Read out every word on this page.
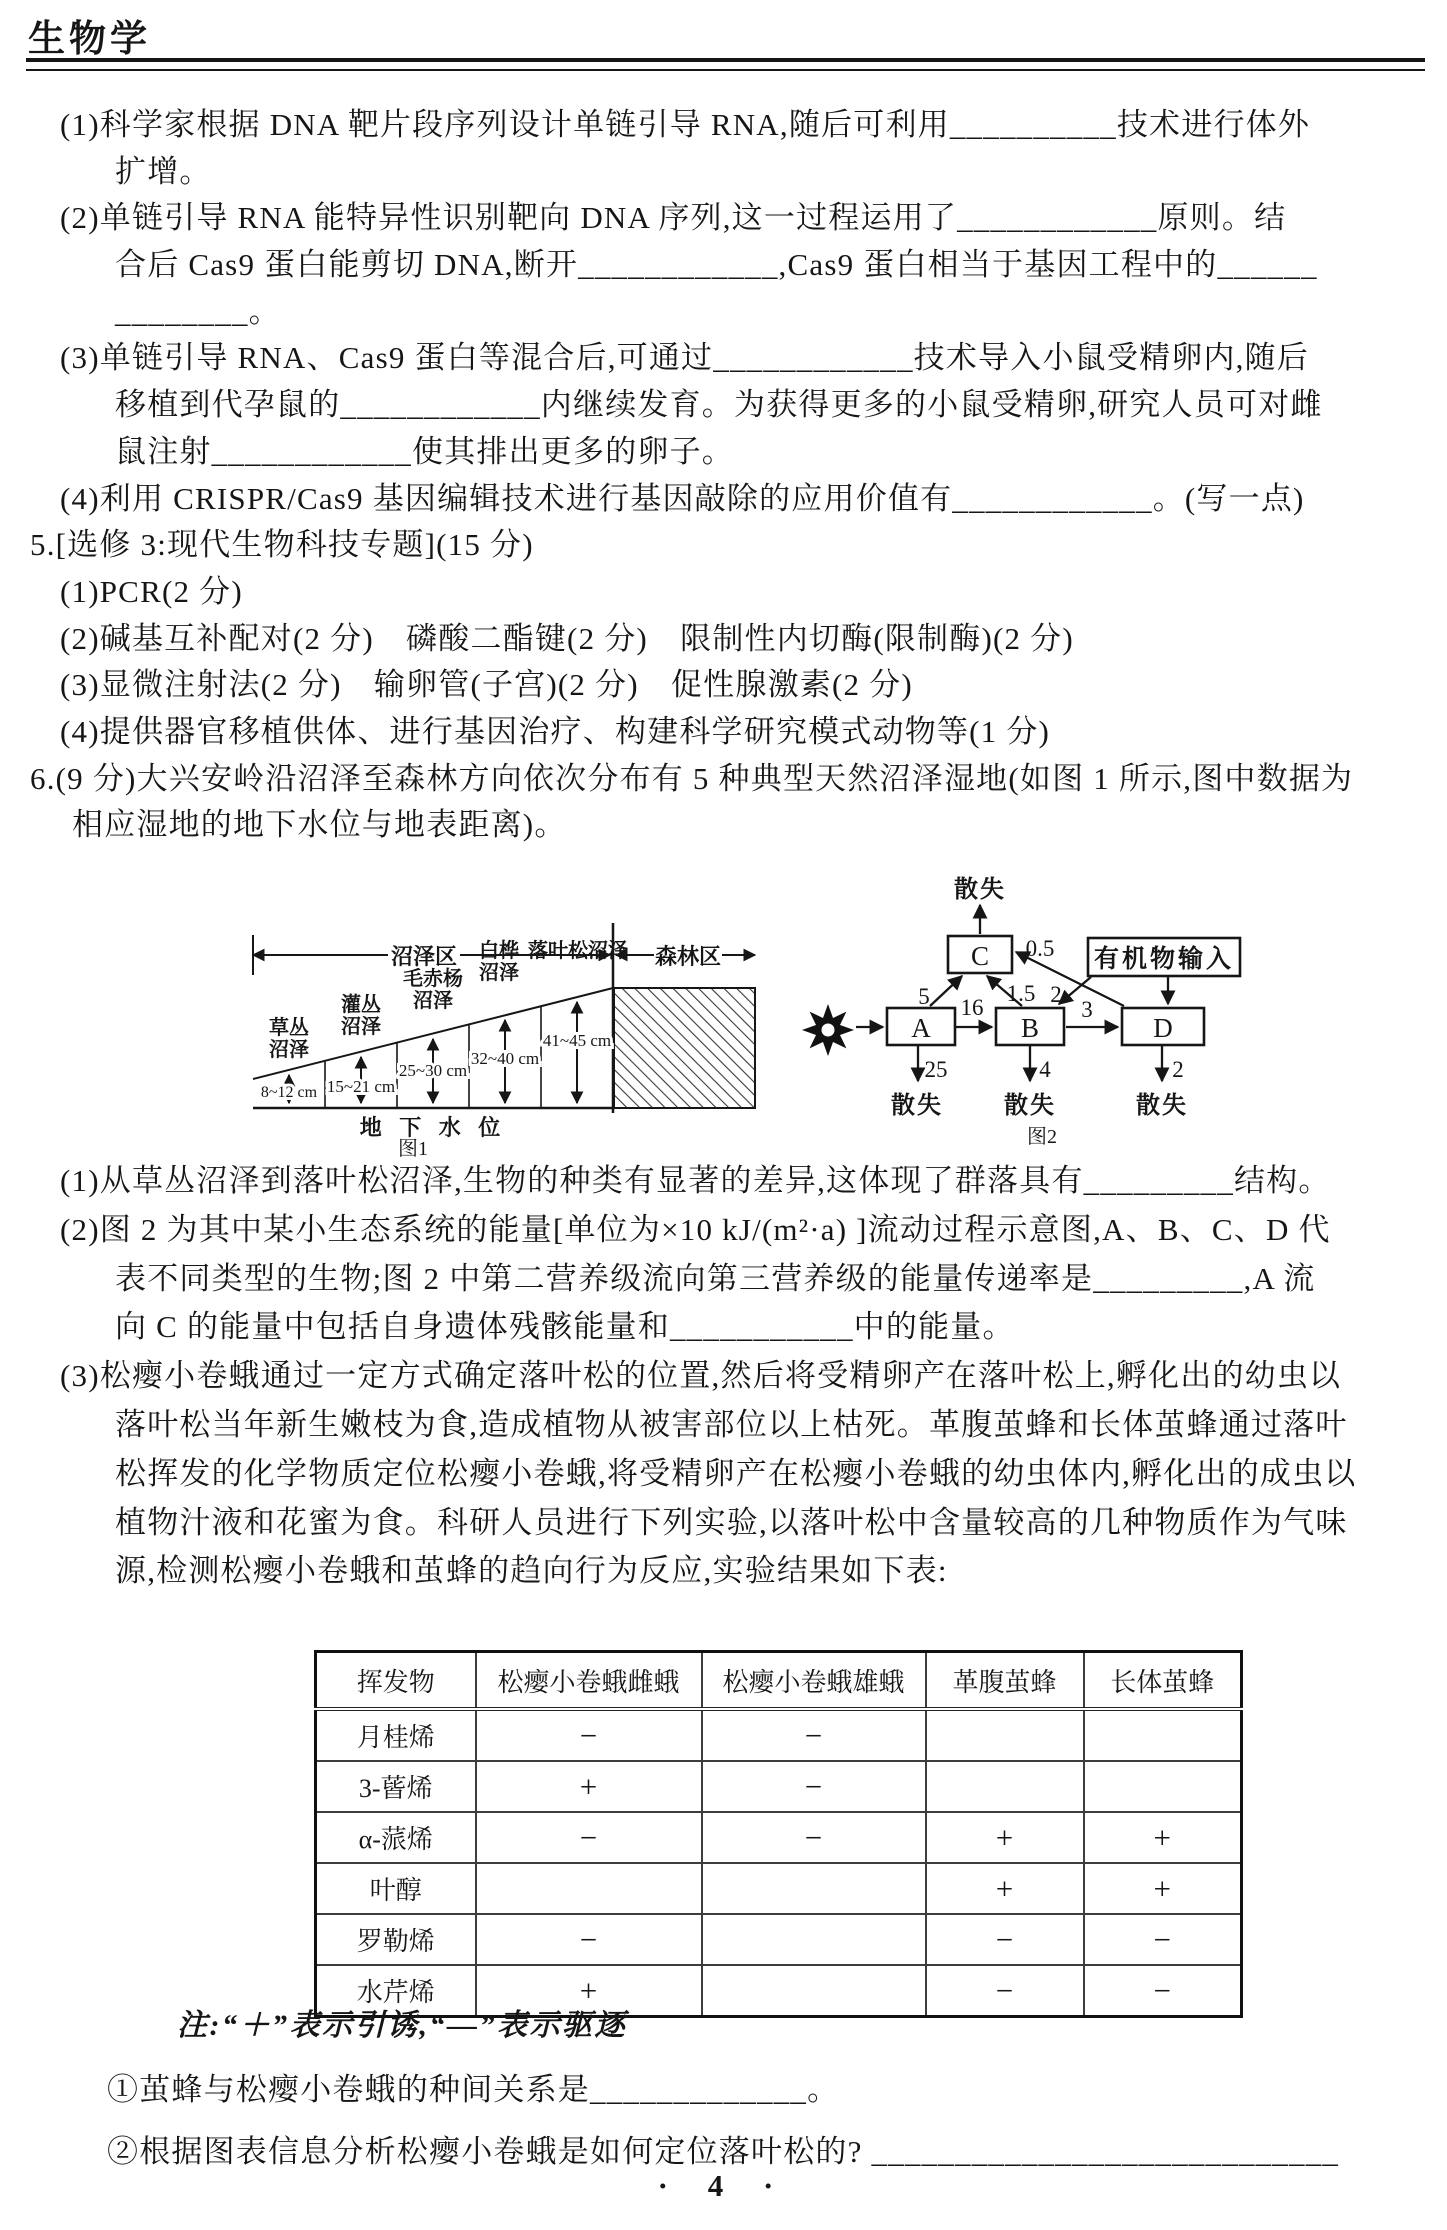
生物学
(1)科学家根据 DNA 靶片段序列设计单链引导 RNA,随后可利用__________技术进行体外
扩增。
(2)单链引导 RNA 能特异性识别靶向 DNA 序列,这一过程运用了____________原则。结
合后 Cas9 蛋白能剪切 DNA,断开____________,Cas9 蛋白相当于基因工程中的______
________。
(3)单链引导 RNA、Cas9 蛋白等混合后,可通过____________技术导入小鼠受精卵内,随后
移植到代孕鼠的____________内继续发育。为获得更多的小鼠受精卵,研究人员可对雌
鼠注射____________使其排出更多的卵子。
(4)利用 CRISPR/Cas9 基因编辑技术进行基因敲除的应用价值有____________。(写一点)
5.[选修 3:现代生物科技专题](15 分)
(1)PCR(2 分)
(2)碱基互补配对(2 分)　磷酸二酯键(2 分)　限制性内切酶(限制酶)(2 分)
(3)显微注射法(2 分)　输卵管(子宫)(2 分)　促性腺激素(2 分)
(4)提供器官移植供体、进行基因治疗、构建科学研究模式动物等(1 分)
6.(9 分)大兴安岭沿沼泽至森林方向依次分布有 5 种典型天然沼泽湿地(如图 1 所示,图中数据为
相应湿地的地下水位与地表距离)。
沼泽区	森林区
草丛
沼泽
灌丛
沼泽
毛赤杨
沼泽
白桦
沼泽
落叶松沼泽
8~12 cm 15~21 cm
25~30 cm
32~40 cm
41~45 cm
地 下 水 位
图1
A	B
C
D
有机物输入
散失
散失	散失	散失
5 16
25
1.5 2
3
4
0.5
2
图2
(1)从草丛沼泽到落叶松沼泽,生物的种类有显著的差异,这体现了群落具有_________结构。
(2)图 2 为其中某小生态系统的能量[单位为×10 kJ/(m²·a) ]流动过程示意图,A、B、C、D 代
表不同类型的生物;图 2 中第二营养级流向第三营养级的能量传递率是_________,A 流
向 C 的能量中包括自身遗体残骸能量和___________中的能量。
(3)松瘿小卷蛾通过一定方式确定落叶松的位置,然后将受精卵产在落叶松上,孵化出的幼虫以
落叶松当年新生嫩枝为食,造成植物从被害部位以上枯死。革腹茧蜂和长体茧蜂通过落叶
松挥发的化学物质定位松瘿小卷蛾,将受精卵产在松瘿小卷蛾的幼虫体内,孵化出的成虫以
植物汁液和花蜜为食。科研人员进行下列实验,以落叶松中含量较高的几种物质作为气味
源,检测松瘿小卷蛾和茧蜂的趋向行为反应,实验结果如下表:
挥发物	松瘿小卷蛾雌蛾	松瘿小卷蛾雄蛾	革腹茧蜂	长体茧蜂
月桂烯	−	−		
3-蒈烯	+	−		
α-蒎烯	−	−	+	+
叶醇			+	+
罗勒烯	−		−	−
水芹烯	+		−	−
注:“＋”表示引诱,“—”表示驱逐
①茧蜂与松瘿小卷蛾的种间关系是_____________。
②根据图表信息分析松瘿小卷蛾是如何定位落叶松的? ____________________________
· 4 ·
